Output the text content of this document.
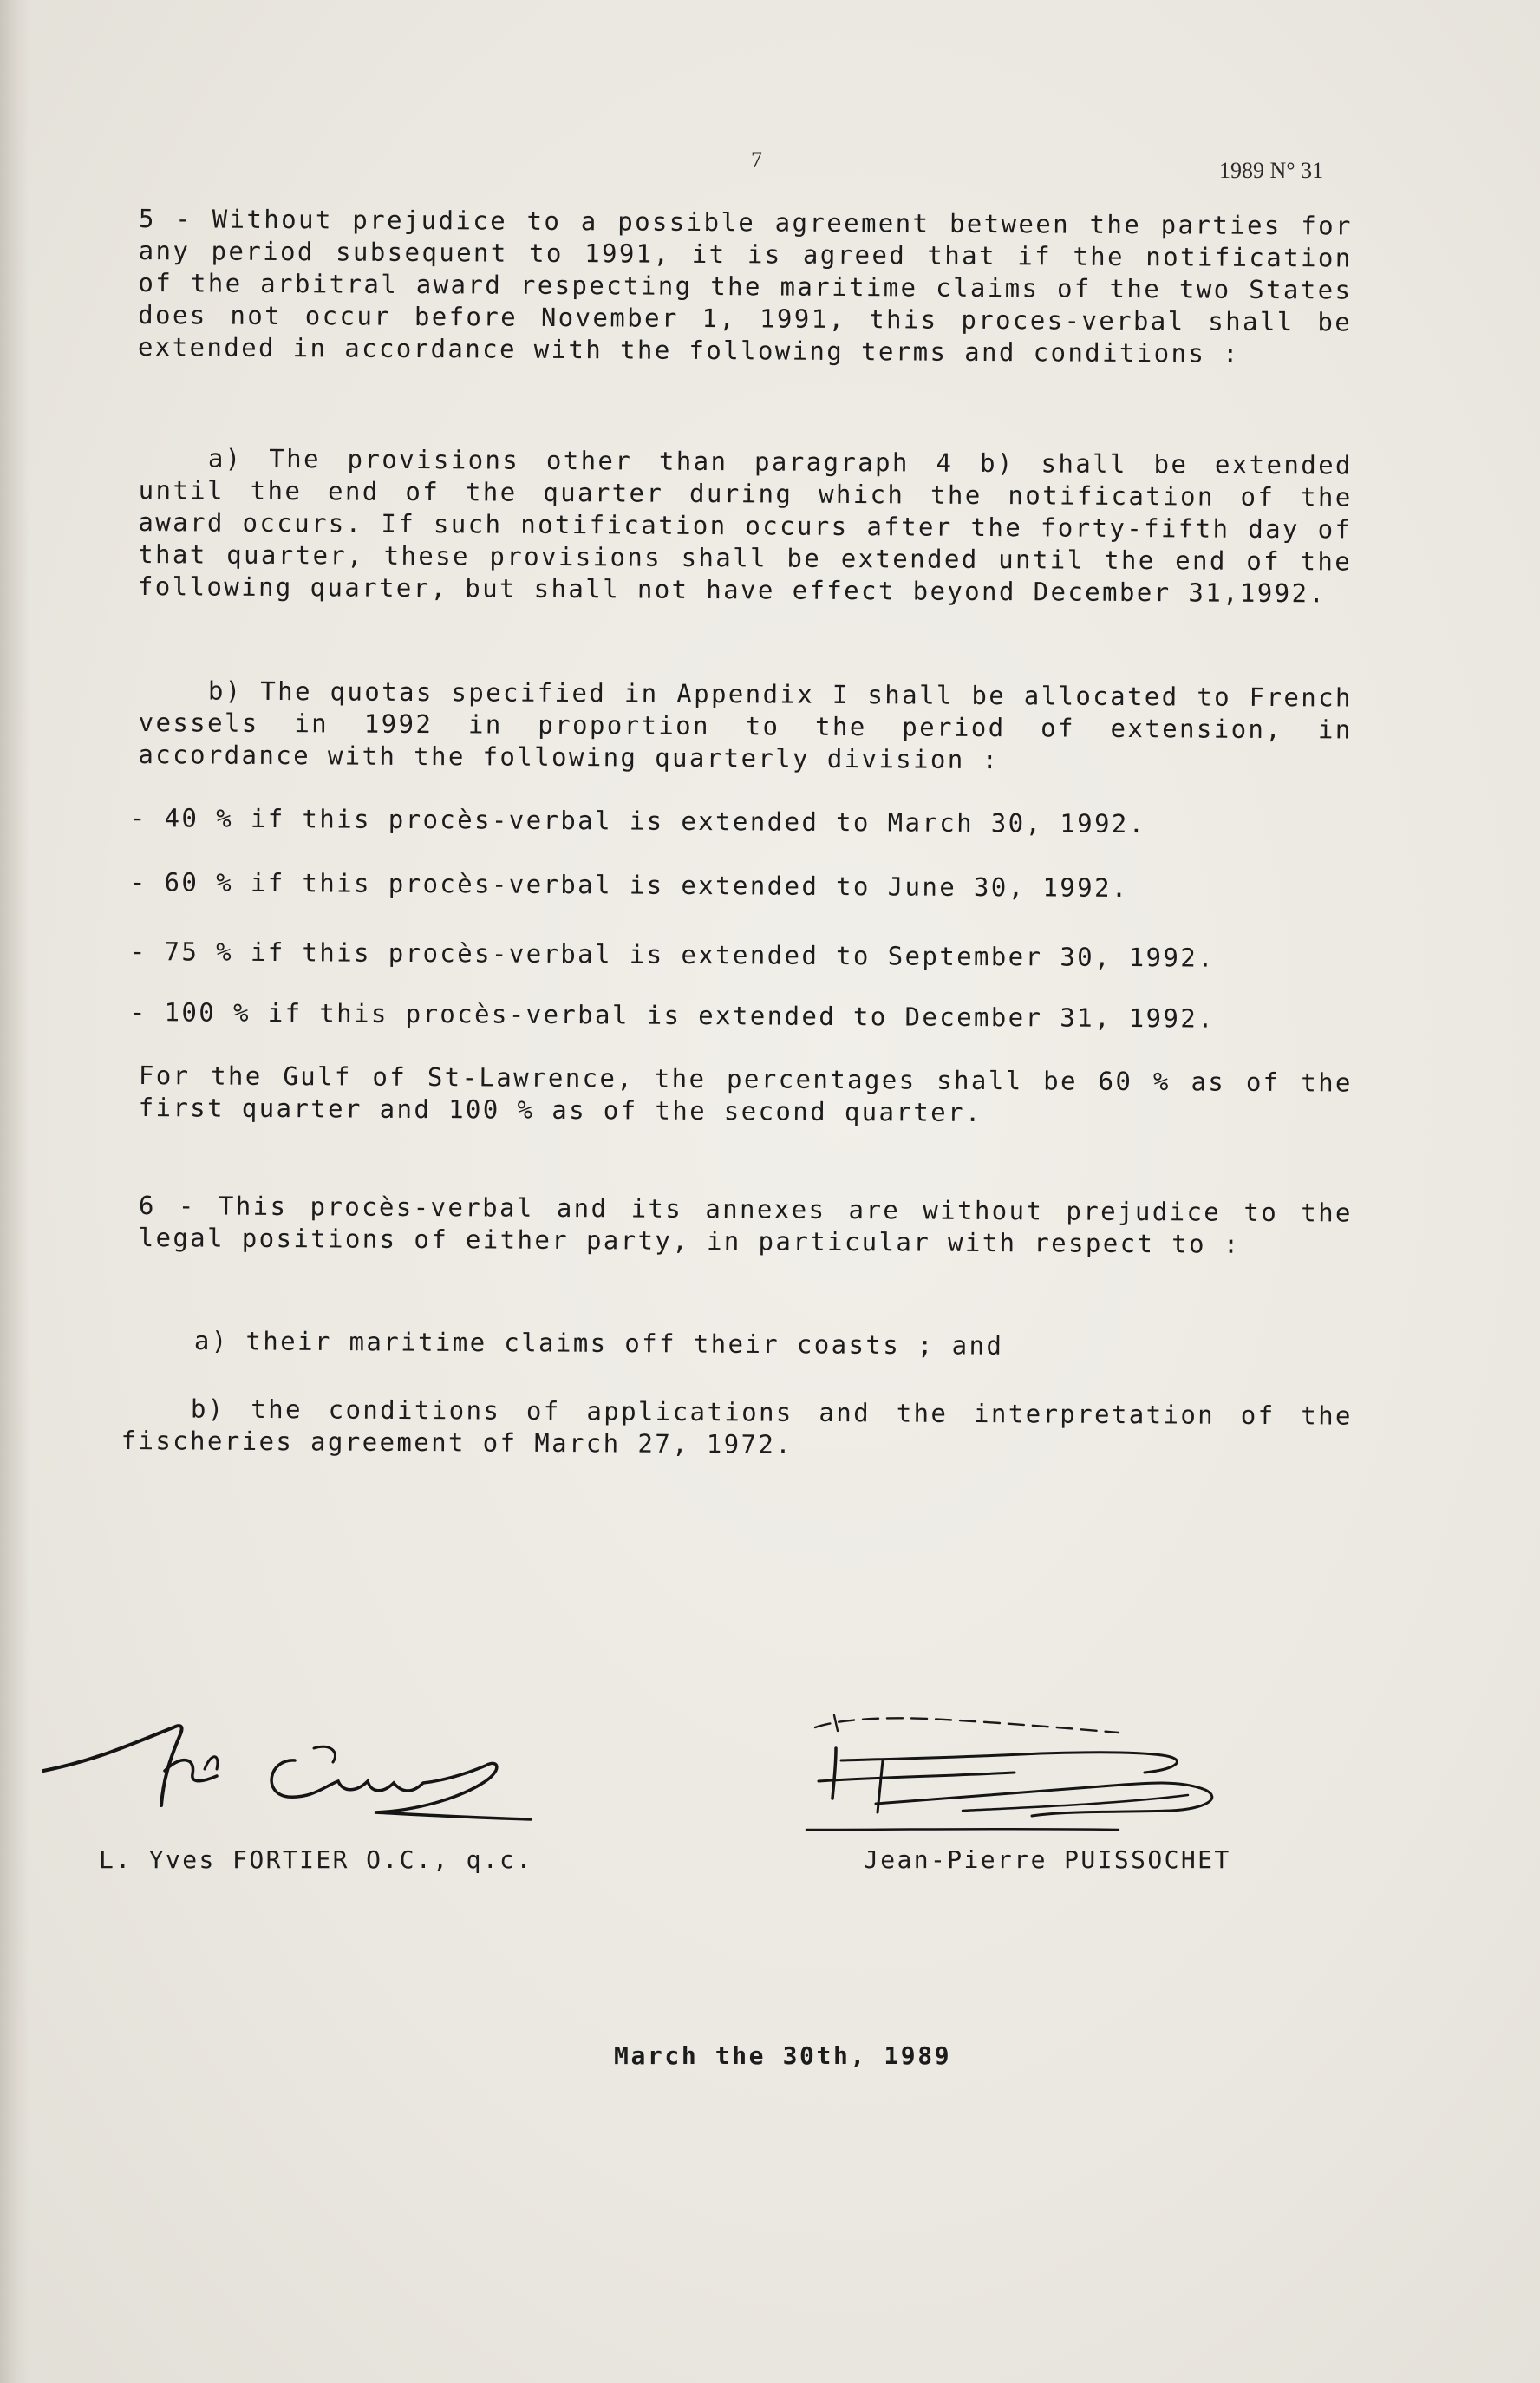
7	1989 N° 31
5 - Without prejudice to a possible agreement between the parties for any period subsequent to 1991, it is agreed that if the notification of the arbitral award respecting the maritime claims of the two States does not occur before November 1, 1991, this proces-verbal shall be extended in accordance with the following terms and conditions :
a) The provisions other than paragraph 4 b) shall be extended until the end of the quarter during which the notification of the award occurs. If such notification occurs after the forty-fifth day of that quarter, these provisions shall be extended until the end of the following quarter, but shall not have effect beyond December 31,1992.
b) The quotas specified in Appendix I shall be allocated to French vessels in 1992 in proportion to the period of extension, in accordance with the following quarterly division :
- 40 % if this procès-verbal is extended to March 30, 1992.
- 60 % if this procès-verbal is extended to June 30, 1992.
- 75 % if this procès-verbal is extended to September 30, 1992.
- 100 % if this procès-verbal is extended to December 31, 1992.
For the Gulf of St-Lawrence, the percentages shall be 60 % as of the first quarter and 100 % as of the second quarter.
6 - This procès-verbal and its annexes are without prejudice to the legal positions of either party, in particular with respect to :
a) their maritime claims off their coasts ; and
b) the conditions of applications and the interpretation of the fischeries agreement of March 27, 1972.
L. Yves FORTIER O.C., q.c.	Jean-Pierre PUISSOCHET
March the 30th, 1989
